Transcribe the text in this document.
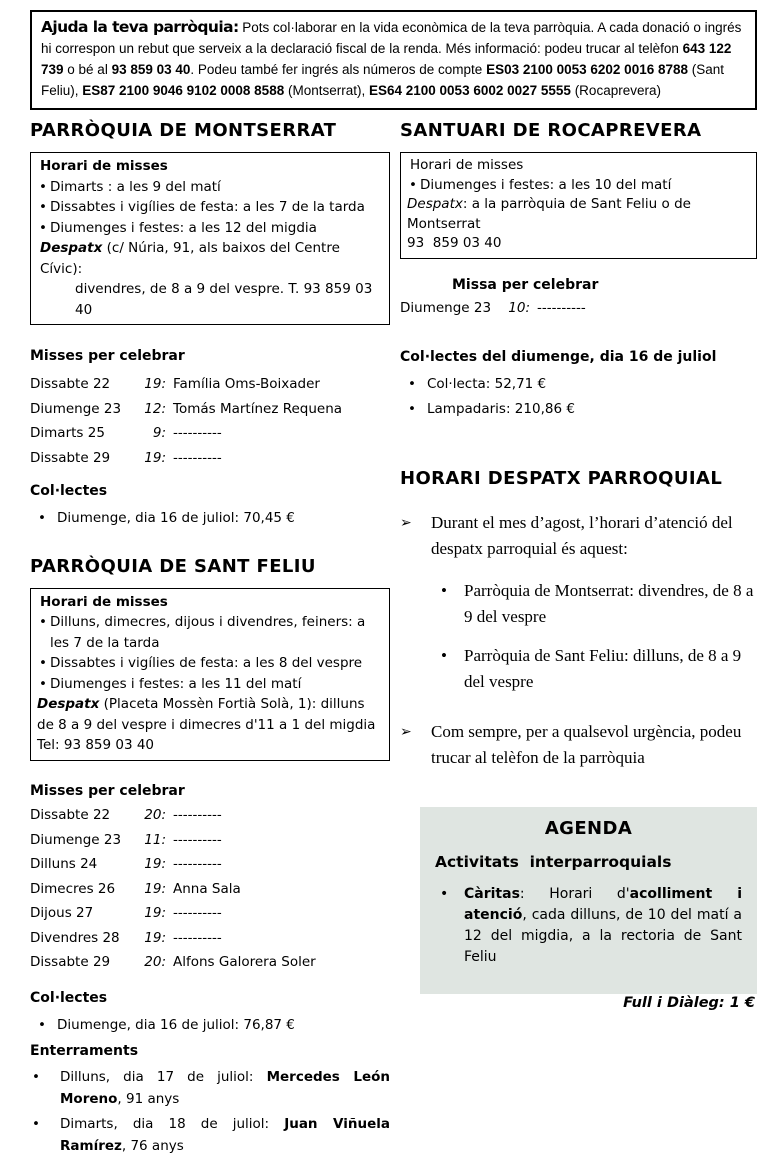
Ajuda la teva parròquia: Pots col·laborar en la vida econòmica de la teva parròquia. A cada donació o ingrés hi correspon un rebut que serveix a la declaració fiscal de la renda. Més informació: podeu trucar al telèfon 643 122 739 o bé al 93 859 03 40. Podeu també fer ingrés als números de compte ES03 2100 0053 6202 0016 8788 (Sant Feliu), ES87 2100 9046 9102 0008 8588 (Montserrat), ES64 2100 0053 6002 0027 5555 (Rocaprevera)
PARRÒQUIA DE MONTSERRAT
Horari de misses
• Dimarts : a les 9 del matí
• Dissabtes i vigílies de festa: a les 7 de la tarda
• Diumenges i festes: a les 12 del migdia
Despatx (c/ Núria, 91, als baixos del Centre Cívic):
divendres, de 8 a 9 del vespre. T. 93 859 03 40
Misses per celebrar
Dissabte 22	19: Família Oms-Boixader
Diumenge 23	12: Tomás Martínez Requena
Dimarts 25	9: ----------
Dissabte 29	19: ----------
Col·lectes
• Diumenge, dia 16 de juliol: 70,45 €
PARRÒQUIA DE SANT FELIU
Horari de misses
• Dilluns, dimecres, dijous i divendres, feiners: a les 7 de la tarda
• Dissabtes i vigílies de festa: a les 8 del vespre
• Diumenges i festes: a les 11 del matí
Despatx (Placeta Mossèn Fortià Solà, 1): dilluns de 8 a 9 del vespre i dimecres d'11 a 1 del migdia
Tel: 93 859 03 40
Misses per celebrar
Dissabte 22	20: ----------
Diumenge 23	11: ----------
Dilluns 24	19: ----------
Dimecres 26	19: Anna Sala
Dijous 27	19: ----------
Divendres 28	19: ----------
Dissabte 29	20: Alfons Galorera Soler
Col·lectes
• Diumenge, dia 16 de juliol: 76,87 €
Enterraments
• Dilluns, dia 17 de juliol: Mercedes León Moreno, 91 anys
• Dimarts, dia 18 de juliol: Juan Viñuela Ramírez, 76 anys
SANTUARI DE ROCAPREVERA
Horari de misses
• Diumenges i festes: a les 10 del matí
Despatx: a la parròquia de Sant Feliu o de Montserrat
93  859 03 40
Missa per celebrar
Diumenge 23	10: ----------
Col·lectes del diumenge, dia 16 de juliol
• Col·lecta: 52,71 €
• Lampadaris: 210,86 €
HORARI DESPATX PARROQUIAL
➢	Durant el mes d’agost, l’horari d’atenció del despatx parroquial és aquest:
• Parròquia de Montserrat: divendres, de 8 a 9 del vespre
• Parròquia de Sant Feliu: dilluns, de 8 a 9 del vespre
➢	Com sempre, per a qualsevol urgència, podeu trucar al telèfon de la parròquia
AGENDA
Activitats  interparroquials
• Càritas: Horari d'acolliment i atenció, cada dilluns, de 10 del matí a 12 del migdia, a la rectoria de Sant Feliu
Full i Diàleg: 1 €
